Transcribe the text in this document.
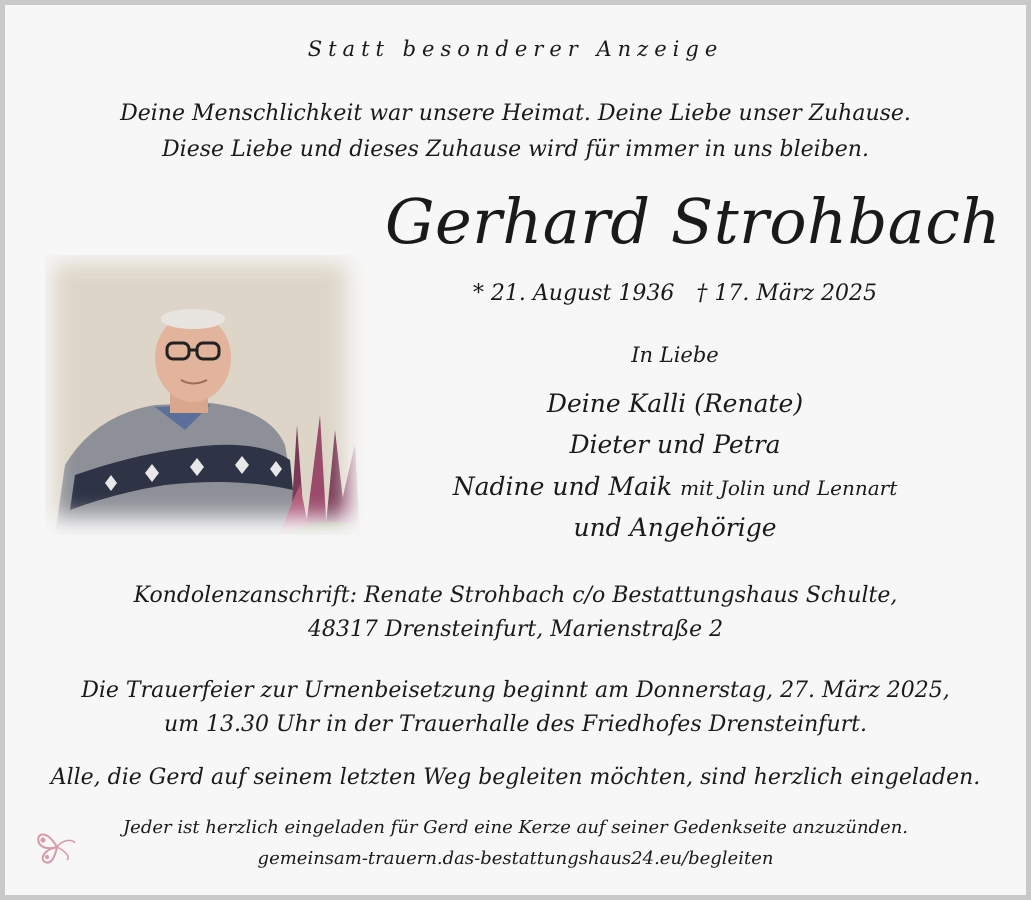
Statt besonderer Anzeige
Deine Menschlichkeit war unsere Heimat. Deine Liebe unser Zuhause.
Diese Liebe und dieses Zuhause wird für immer in uns bleiben.
Gerhard Strohbach
* 21. August 1936 † 17. März 2025
In Liebe
Deine Kalli (Renate)
Dieter und Petra
Nadine und Maik mit Jolin und Lennart
und Angehörige
Kondolenzanschrift: Renate Strohbach c/o Bestattungshaus Schulte,
48317 Drensteinfurt, Marienstraße 2
Die Trauerfeier zur Urnenbeisetzung beginnt am Donnerstag, 27. März 2025,
um 13.30 Uhr in der Trauerhalle des Friedhofes Drensteinfurt.
Alle, die Gerd auf seinem letzten Weg begleiten möchten, sind herzlich eingeladen.
Jeder ist herzlich eingeladen für Gerd eine Kerze auf seiner Gedenkseite anzuzünden.
gemeinsam-trauern.das-bestattungshaus24.eu/begleiten
